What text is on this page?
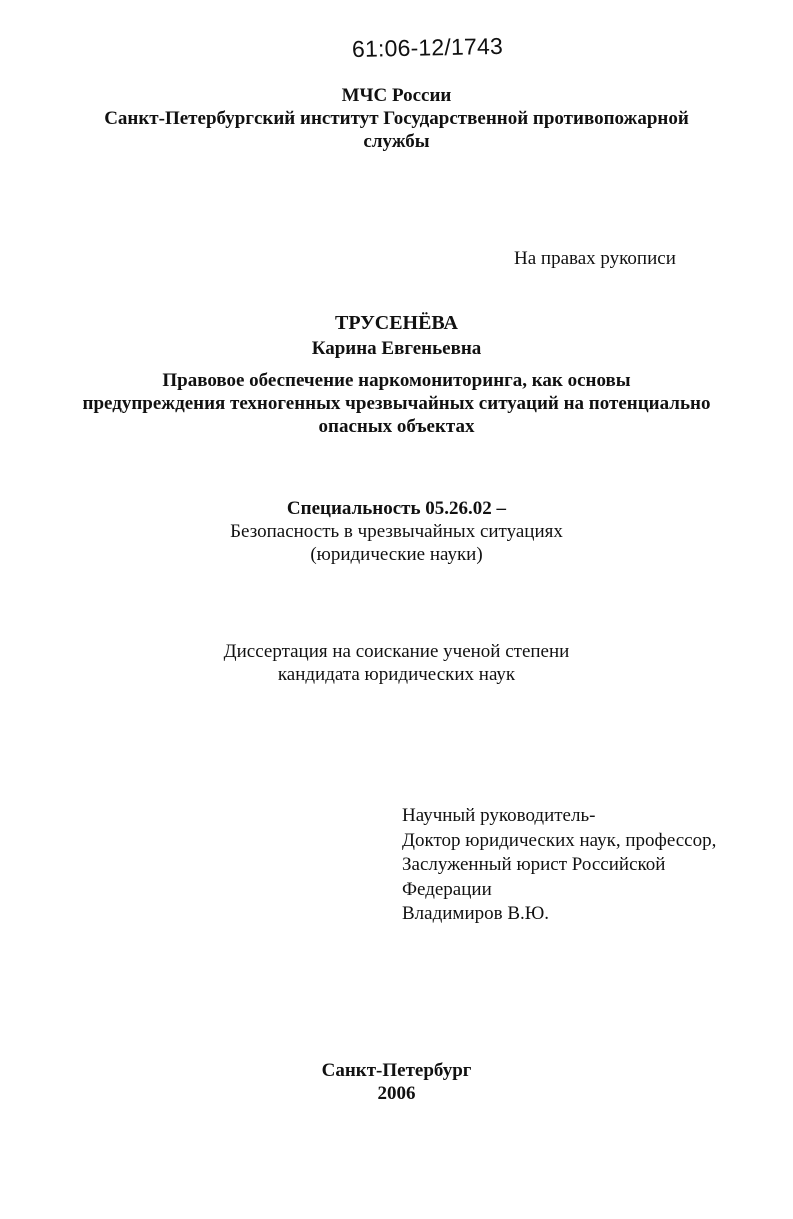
61:06-12/1743
МЧС России
Санкт-Петербургский институт Государственной противопожарной
службы
На правах рукописи
ТРУСЕНЁВА
Карина Евгеньевна
Правовое обеспечение наркомониторинга, как основы
предупреждения техногенных чрезвычайных ситуаций на потенциально
опасных объектах
Специальность 05.26.02 –
Безопасность в чрезвычайных ситуациях
(юридические науки)
Диссертация на соискание ученой степени
кандидата юридических наук
Научный руководитель-
Доктор юридических наук, профессор,
Заслуженный юрист Российской
Федерации
Владимиров В.Ю.
Санкт-Петербург
2006
